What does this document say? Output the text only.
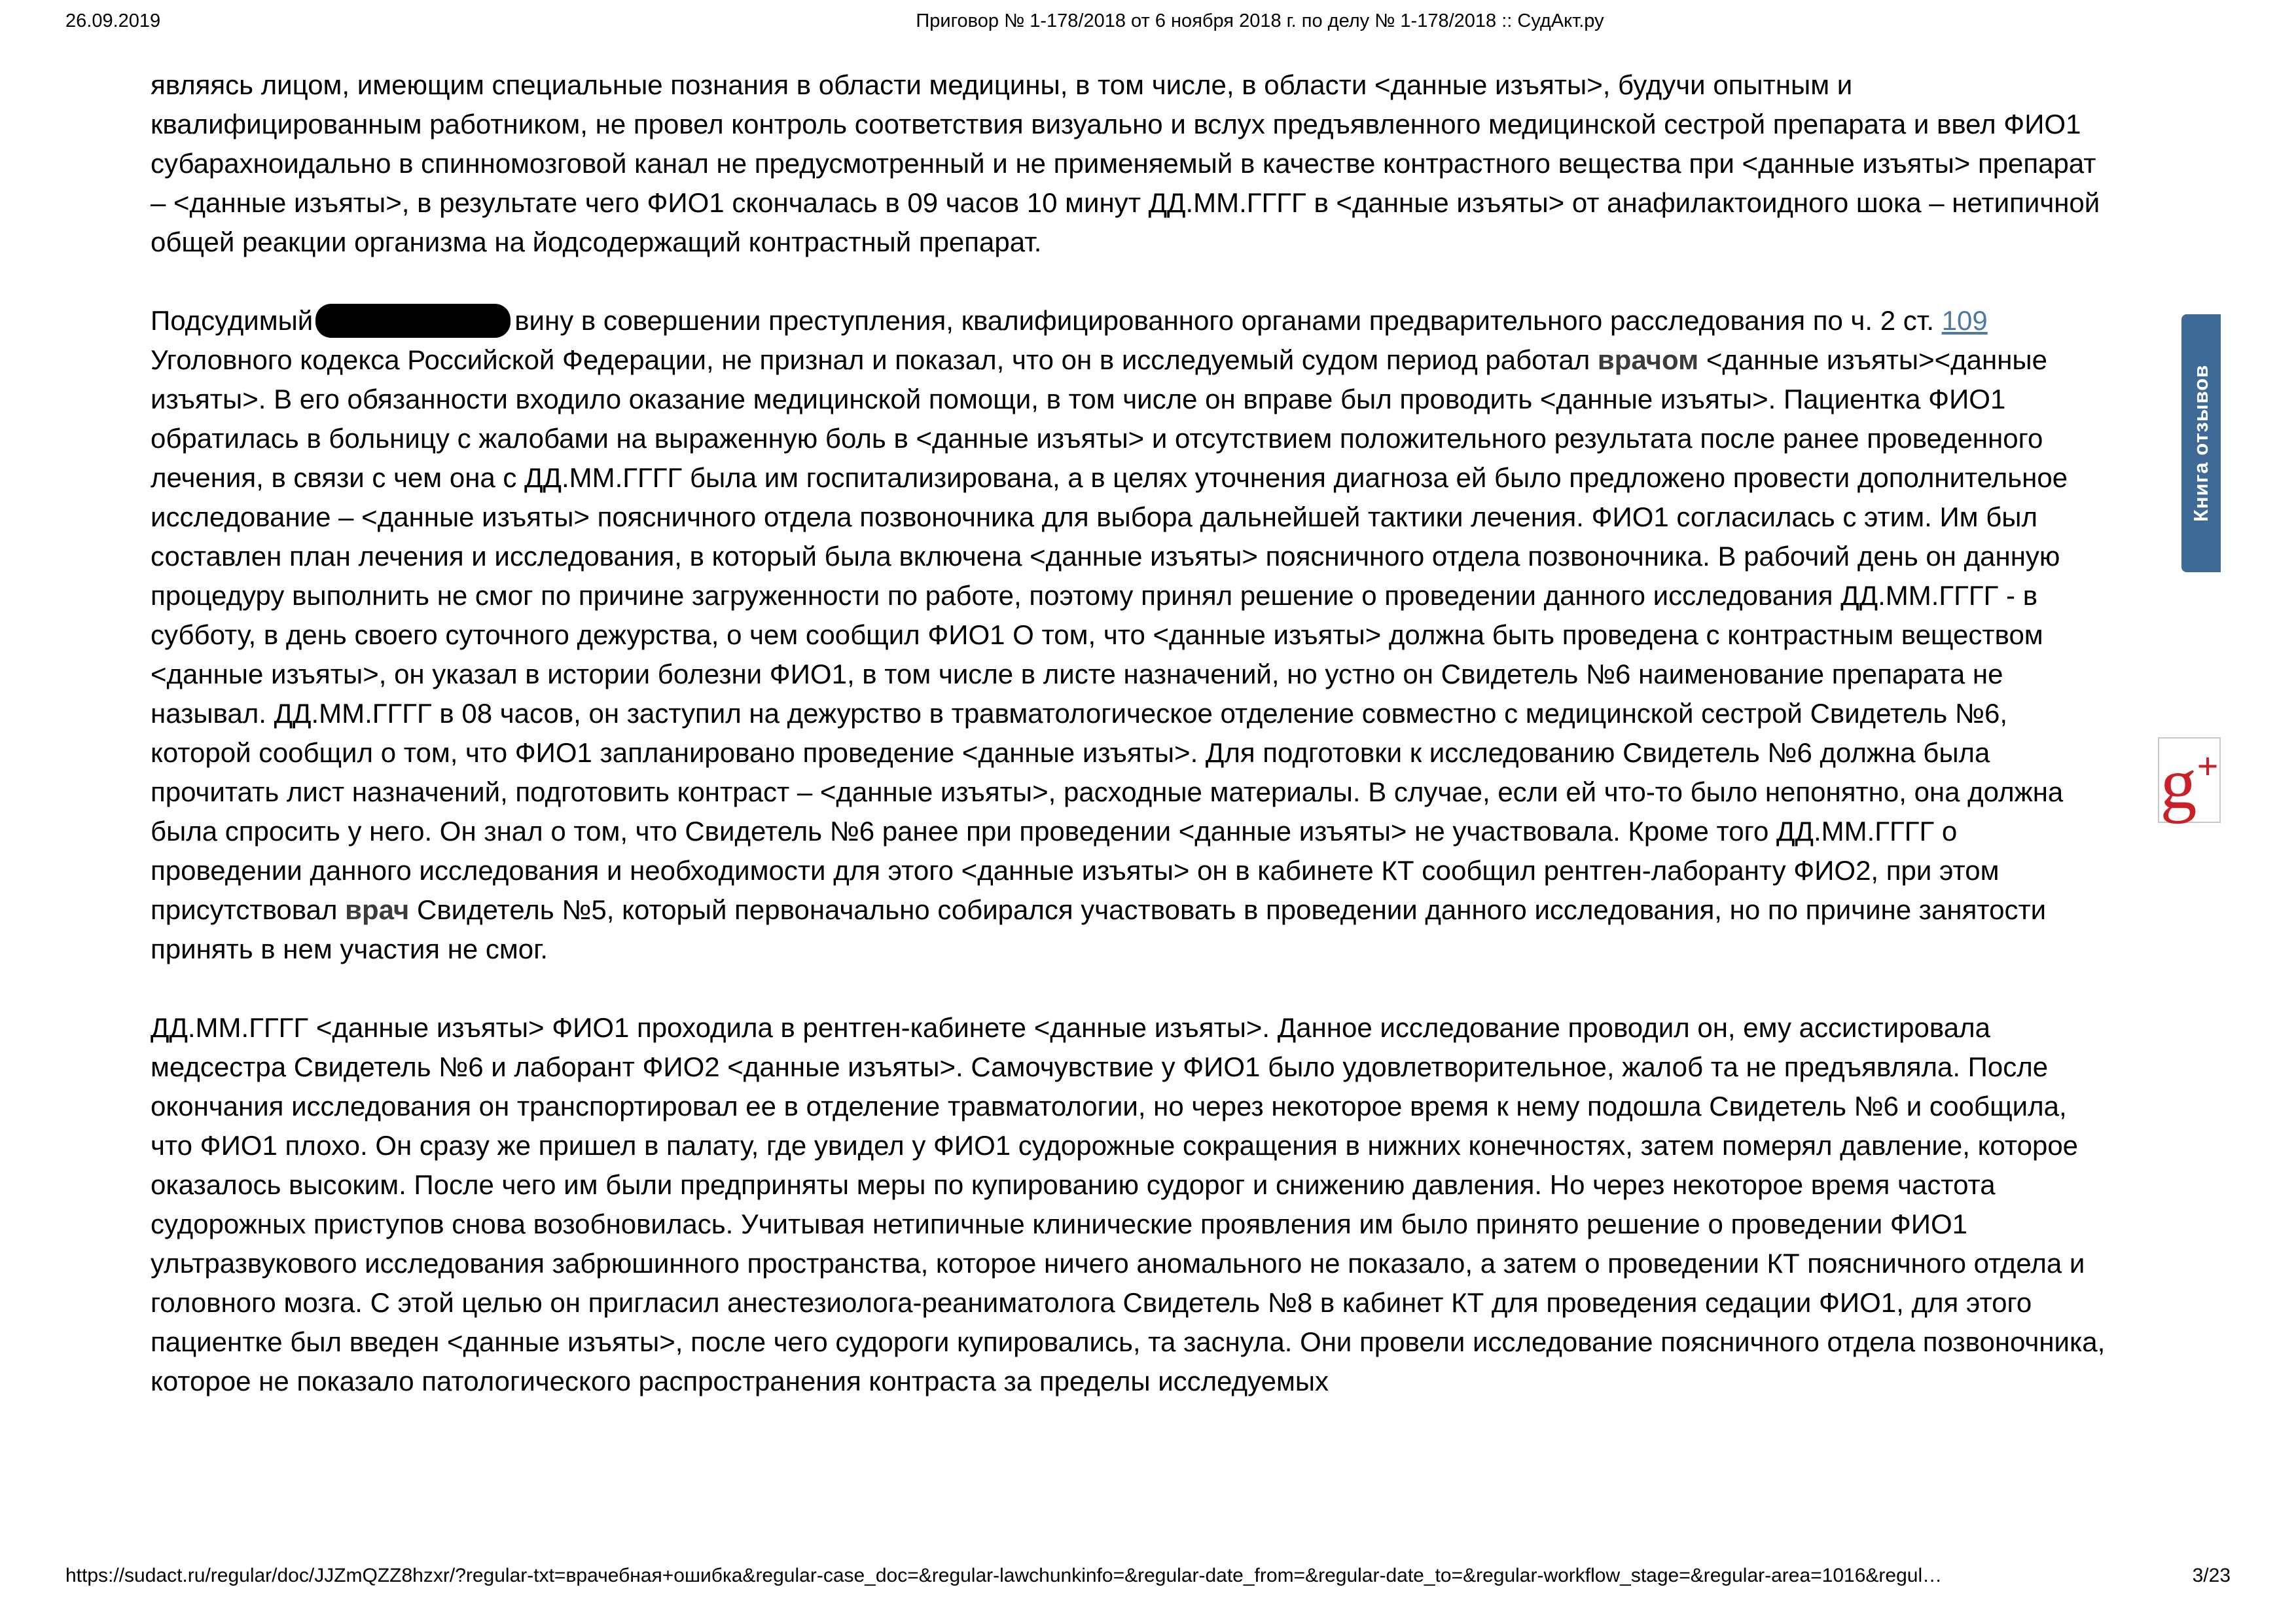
26.09.2019	Приговор № 1-178/2018 от 6 ноября 2018 г. по делу № 1-178/2018 :: СудАкт.ру

являясь лицом, имеющим специальные познания в области медицины, в том числе, в области <данные изъяты>, будучи опытным и квалифицированным работником, не провел контроль соответствия визуально и вслух предъявленного медицинской сестрой препарата и ввел ФИО1 субарахноидально в спинномозговой канал не предусмотренный и не применяемый в качестве контрастного вещества при <данные изъяты> препарат – <данные изъяты>, в результате чего ФИО1 скончалась в 09 часов 10 минут ДД.ММ.ГГГГ в <данные изъяты> от анафилактоидного шока – нетипичной общей реакции организма на йодсодержащий контрастный препарат.

Подсудимый	вину в совершении преступления, квалифицированного органами предварительного расследования по ч. 2 ст. 109 Уголовного кодекса Российской Федерации, не признал и показал, что он в исследуемый судом период работал врачом <данные изъяты><данные изъяты>. В его обязанности входило оказание медицинской помощи, в том числе он вправе был проводить <данные изъяты>. Пациентка ФИО1 обратилась в больницу с жалобами на выраженную боль в <данные изъяты> и отсутствием положительного результата после ранее проведенного лечения, в связи с чем она с ДД.ММ.ГГГГ была им госпитализирована, а в целях уточнения диагноза ей было предложено провести дополнительное исследование – <данные изъяты> поясничного отдела позвоночника для выбора дальнейшей тактики лечения. ФИО1 согласилась с этим. Им был составлен план лечения и исследования, в который была включена <данные изъяты> поясничного отдела позвоночника. В рабочий день он данную процедуру выполнить не смог по причине загруженности по работе, поэтому принял решение о проведении данного исследования ДД.ММ.ГГГГ - в субботу, в день своего суточного дежурства, о чем сообщил ФИО1 О том, что <данные изъяты> должна быть проведена с контрастным веществом <данные изъяты>, он указал в истории болезни ФИО1, в том числе в листе назначений, но устно он Свидетель №6 наименование препарата не называл. ДД.ММ.ГГГГ в 08 часов, он заступил на дежурство в травматологическое отделение совместно с медицинской сестрой Свидетель №6, которой сообщил о том, что ФИО1 запланировано проведение <данные изъяты>. Для подготовки к исследованию Свидетель №6 должна была прочитать лист назначений, подготовить контраст – <данные изъяты>, расходные материалы. В случае, если ей что-то было непонятно, она должна была спросить у него. Он знал о том, что Свидетель №6 ранее при проведении <данные изъяты> не участвовала. Кроме того ДД.ММ.ГГГГ о проведении данного исследования и необходимости для этого <данные изъяты> он в кабинете КТ сообщил рентген-лаборанту ФИО2, при этом присутствовал врач Свидетель №5, который первоначально собирался участвовать в проведении данного исследования, но по причине занятости принять в нем участия не смог.

ДД.ММ.ГГГГ <данные изъяты> ФИО1 проходила в рентген-кабинете <данные изъяты>. Данное исследование проводил он, ему ассистировала медсестра Свидетель №6 и лаборант ФИО2 <данные изъяты>. Самочувствие у ФИО1 было удовлетворительное, жалоб та не предъявляла. После окончания исследования он транспортировал ее в отделение травматологии, но через некоторое время к нему подошла Свидетель №6 и сообщила, что ФИО1 плохо. Он сразу же пришел в палату, где увидел у ФИО1 судорожные сокращения в нижних конечностях, затем померял давление, которое оказалось высоким. После чего им были предприняты меры по купированию судорог и снижению давления. Но через некоторое время частота судорожных приступов снова возобновилась. Учитывая нетипичные клинические проявления им было принято решение о проведении ФИО1 ультразвукового исследования забрюшинного пространства, которое ничего аномального не показало, а затем о проведении КТ поясничного отдела и головного мозга. С этой целью он пригласил анестезиолога-реаниматолога Свидетель №8 в кабинет КТ для проведения седации ФИО1, для этого пациентке был введен <данные изъяты>, после чего судороги купировались, та заснула. Они провели исследование поясничного отдела позвоночника, которое не показало патологического распространения контраста за пределы исследуемых

Книга отзывов
g +
https://sudact.ru/regular/doc/JJZmQZZ8hzxr/?regular-txt=врачебная+ошибка&regular-case_doc=&regular-lawchunkinfo=&regular-date_from=&regular-date_to=&regular-workflow_stage=&regular-area=1016&regul…	3/23
